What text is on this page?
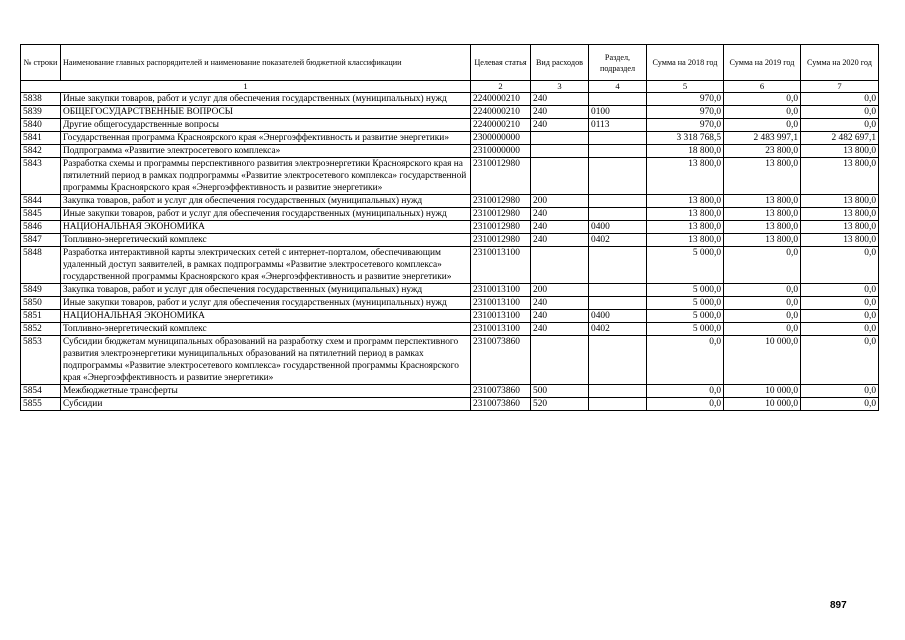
№ строки	Наименование главных распорядителей и наименование показателей бюджетной классификации	Целевая статья	Вид расходов	Раздел, подраздел	Сумма на 2018 год	Сумма на 2019 год	Сумма на 2020 год
1		2	3	4	5	6	7
5838	Иные закупки товаров, работ и услуг для обеспечения государственных (муниципальных) нужд	2240000210	240		970,0	0,0	0,0
5839	ОБЩЕГОСУДАРСТВЕННЫЕ ВОПРОСЫ	2240000210	240	0100	970,0	0,0	0,0
5840	Другие общегосударственные вопросы	2240000210	240	0113	970,0	0,0	0,0
5841	Государственная программа Красноярского края «Энергоэффективность и развитие энергетики»	2300000000			3 318 768,5	2 483 997,1	2 482 697,1
5842	Подпрограмма «Развитие электросетевого комплекса»	2310000000			18 800,0	23 800,0	13 800,0
5843	Разработка схемы и программы перспективного развития электроэнергетики Красноярского края на пятилетний период в рамках подпрограммы «Развитие электросетевого комплекса» государственной программы Красноярского края «Энергоэффективность и развитие энергетики»	2310012980			13 800,0	13 800,0	13 800,0
5844	Закупка товаров, работ и услуг для обеспечения государственных (муниципальных) нужд	2310012980	200		13 800,0	13 800,0	13 800,0
5845	Иные закупки товаров, работ и услуг для обеспечения государственных (муниципальных) нужд	2310012980	240		13 800,0	13 800,0	13 800,0
5846	НАЦИОНАЛЬНАЯ ЭКОНОМИКА	2310012980	240	0400	13 800,0	13 800,0	13 800,0
5847	Топливно-энергетический комплекс	2310012980	240	0402	13 800,0	13 800,0	13 800,0
5848	Разработка интерактивной карты электрических сетей с интернет-порталом, обеспечивающим удаленный доступ заявителей, в рамках подпрограммы «Развитие электросетевого комплекса» государственной программы Красноярского края «Энергоэффективность и развитие энергетики»	2310013100			5 000,0	0,0	0,0
5849	Закупка товаров, работ и услуг для обеспечения государственных (муниципальных) нужд	2310013100	200		5 000,0	0,0	0,0
5850	Иные закупки товаров, работ и услуг для обеспечения государственных (муниципальных) нужд	2310013100	240		5 000,0	0,0	0,0
5851	НАЦИОНАЛЬНАЯ ЭКОНОМИКА	2310013100	240	0400	5 000,0	0,0	0,0
5852	Топливно-энергетический комплекс	2310013100	240	0402	5 000,0	0,0	0,0
5853	Субсидии бюджетам муниципальных образований на разработку схем и программ перспективного развития электроэнергетики муниципальных образований на пятилетний период в рамках подпрограммы «Развитие электросетевого комплекса» государственной программы Красноярского края «Энергоэффективность и развитие энергетики»	2310073860			0,0	10 000,0	0,0
5854	Межбюджетные трансферты	2310073860	500		0,0	10 000,0	0,0
5855	Субсидии	2310073860	520		0,0	10 000,0	0,0
897
